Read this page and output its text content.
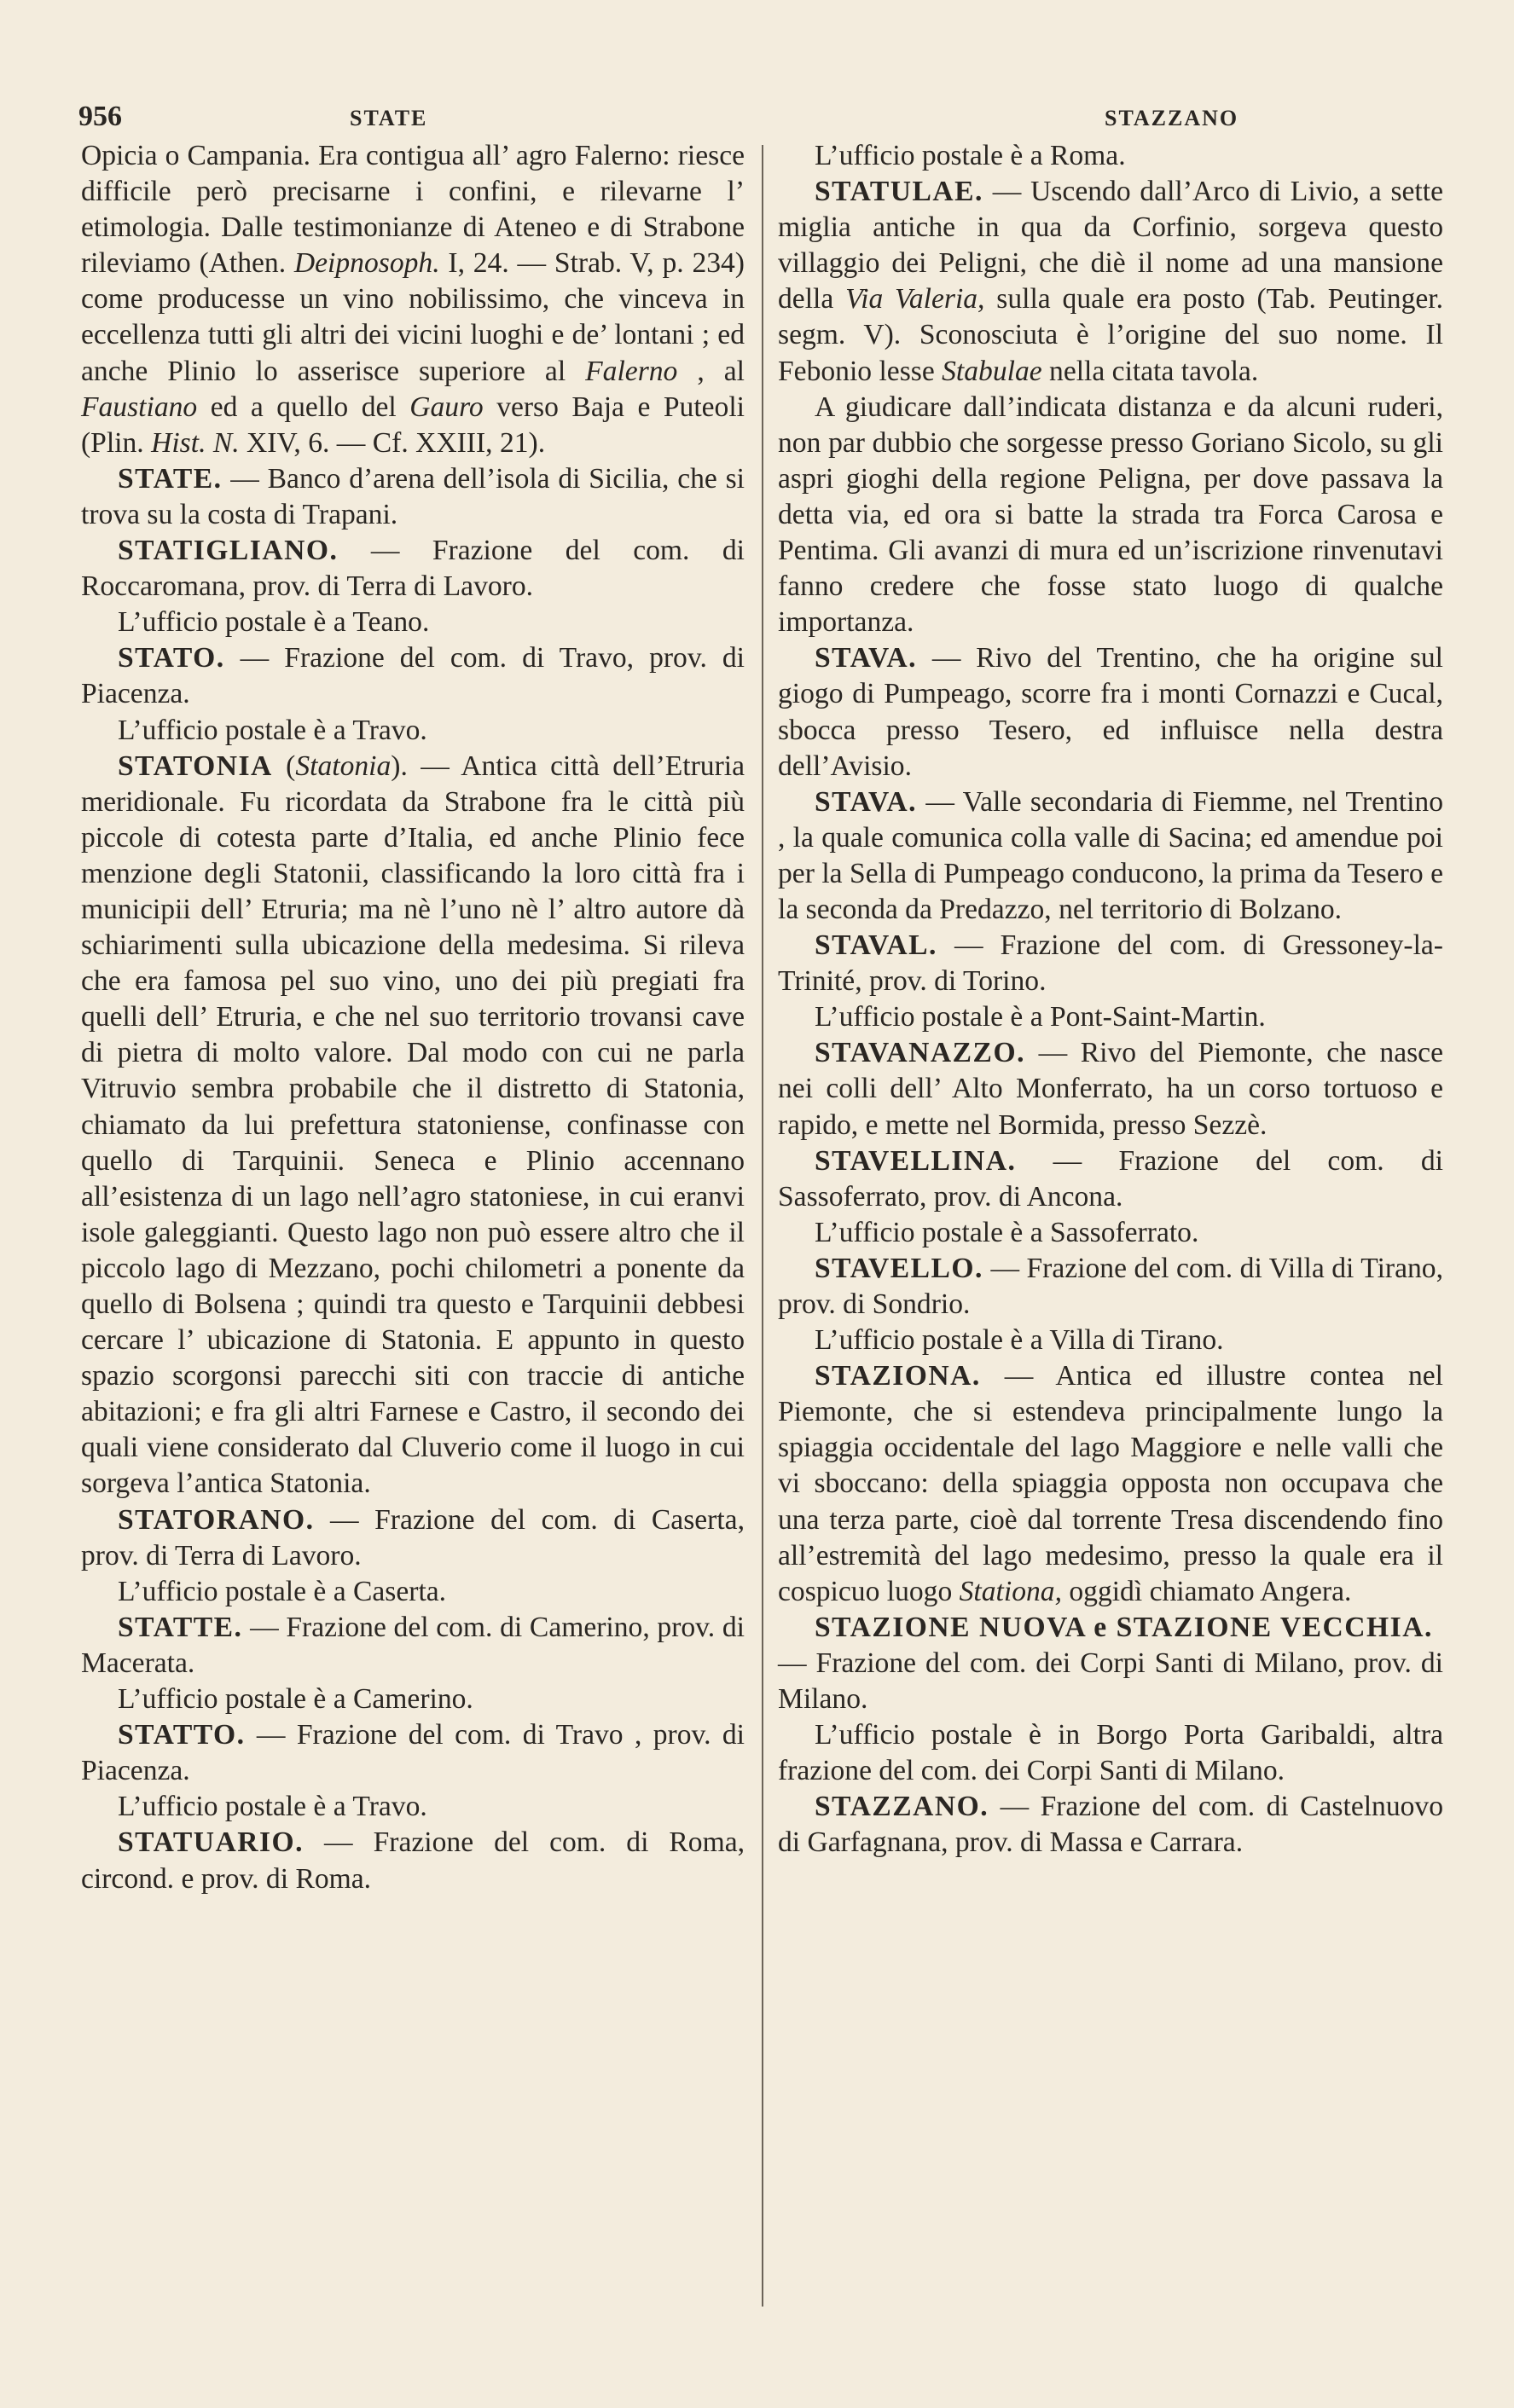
956	STATE	STAZZANO

Opicia o Campania. Era contigua all’ agro Falerno: riesce difficile però precisarne i confini, e rilevarne l’ etimologia. Dalle testimonianze di Ateneo e di Strabone rileviamo (Athen. Deipnosoph. I, 24. — Strab. V, p. 234) come producesse un vino nobilissimo, che vinceva in eccellenza tutti gli altri dei vicini luoghi e de’ lontani ; ed anche Plinio lo asserisce superiore al Falerno , al Faustiano ed a quello del Gauro verso Baja e Puteoli (Plin. Hist. N. XIV, 6. — Cf. XXIII, 21).

STATE. — Banco d’arena dell’isola di Sicilia, che si trova su la costa di Trapani.

STATIGLIANO. — Frazione del com. di Roccaromana, prov. di Terra di Lavoro.

L’ufficio postale è a Teano.

STATO. — Frazione del com. di Travo, prov. di Piacenza.

L’ufficio postale è a Travo.

STATONIA (Statonia). — Antica città dell’Etruria meridionale. Fu ricordata da Strabone fra le città più piccole di cotesta parte d’Italia, ed anche Plinio fece menzione degli Statonii, classificando la loro città fra i municipii dell’ Etruria; ma nè l’uno nè l’ altro autore dà schiarimenti sulla ubicazione della medesima. Si rileva che era famosa pel suo vino, uno dei più pregiati fra quelli dell’ Etruria, e che nel suo territorio trovansi cave di pietra di molto valore. Dal modo con cui ne parla Vitruvio sembra probabile che il distretto di Statonia, chiamato da lui prefettura statoniense, confinasse con quello di Tarquinii. Seneca e Plinio accennano all’esistenza di un lago nell’agro statoniese, in cui eranvi isole galeggianti. Questo lago non può essere altro che il piccolo lago di Mezzano, pochi chilometri a ponente da quello di Bolsena ; quindi tra questo e Tarquinii debbesi cercare l’ ubicazione di Statonia. E appunto in questo spazio scorgonsi parecchi siti con traccie di antiche abitazioni; e fra gli altri Farnese e Castro, il secondo dei quali viene considerato dal Cluverio come il luogo in cui sorgeva l’antica Statonia.

STATORANO. — Frazione del com. di Caserta, prov. di Terra di Lavoro.

L’ufficio postale è a Caserta.

STATTE. — Frazione del com. di Camerino, prov. di Macerata.

L’ufficio postale è a Camerino.

STATTO. — Frazione del com. di Travo , prov. di Piacenza.

L’ufficio postale è a Travo.

STATUARIO. — Frazione del com. di Roma, circond. e prov. di Roma.

L’ufficio postale è a Roma.

STATULAE. — Uscendo dall’Arco di Livio, a sette miglia antiche in qua da Corfinio, sorgeva questo villaggio dei Peligni, che diè il nome ad una mansione della Via Valeria, sulla quale era posto (Tab. Peutinger. segm. V). Sconosciuta è l’origine del suo nome. Il Febonio lesse Stabulae nella citata tavola.

A giudicare dall’indicata distanza e da alcuni ruderi, non par dubbio che sorgesse presso Goriano Sicolo, su gli aspri gioghi della regione Peligna, per dove passava la detta via, ed ora si batte la strada tra Forca Carosa e Pentima. Gli avanzi di mura ed un’iscrizione rinvenutavi fanno credere che fosse stato luogo di qualche importanza.

STAVA. — Rivo del Trentino, che ha origine sul giogo di Pumpeago, scorre fra i monti Cornazzi e Cucal, sbocca presso Tesero, ed influisce nella destra dell’Avisio.

STAVA. — Valle secondaria di Fiemme, nel Trentino , la quale comunica colla valle di Sacina; ed amendue poi per la Sella di Pumpeago conducono, la prima da Tesero e la seconda da Predazzo, nel territorio di Bolzano.

STAVAL. — Frazione del com. di Gressoney-la-Trinité, prov. di Torino.

L’ufficio postale è a Pont-Saint-Martin.

STAVANAZZO. — Rivo del Piemonte, che nasce nei colli dell’ Alto Monferrato, ha un corso tortuoso e rapido, e mette nel Bormida, presso Sezzè.

STAVELLINA. — Frazione del com. di Sassoferrato, prov. di Ancona.

L’ufficio postale è a Sassoferrato.

STAVELLO. — Frazione del com. di Villa di Tirano, prov. di Sondrio.

L’ufficio postale è a Villa di Tirano.

STAZIONA. — Antica ed illustre contea nel Piemonte, che si estendeva principalmente lungo la spiaggia occidentale del lago Maggiore e nelle valli che vi sboccano: della spiaggia opposta non occupava che una terza parte, cioè dal torrente Tresa discendendo fino all’estremità del lago medesimo, presso la quale era il cospicuo luogo Stationa, oggidì chiamato Angera.

STAZIONE NUOVA e STAZIONE VECCHIA.

— Frazione del com. dei Corpi Santi di Milano, prov. di Milano.

L’ufficio postale è in Borgo Porta Garibaldi, altra frazione del com. dei Corpi Santi di Milano.

STAZZANO. — Frazione del com. di Castelnuovo di Garfagnana, prov. di Massa e Carrara.
